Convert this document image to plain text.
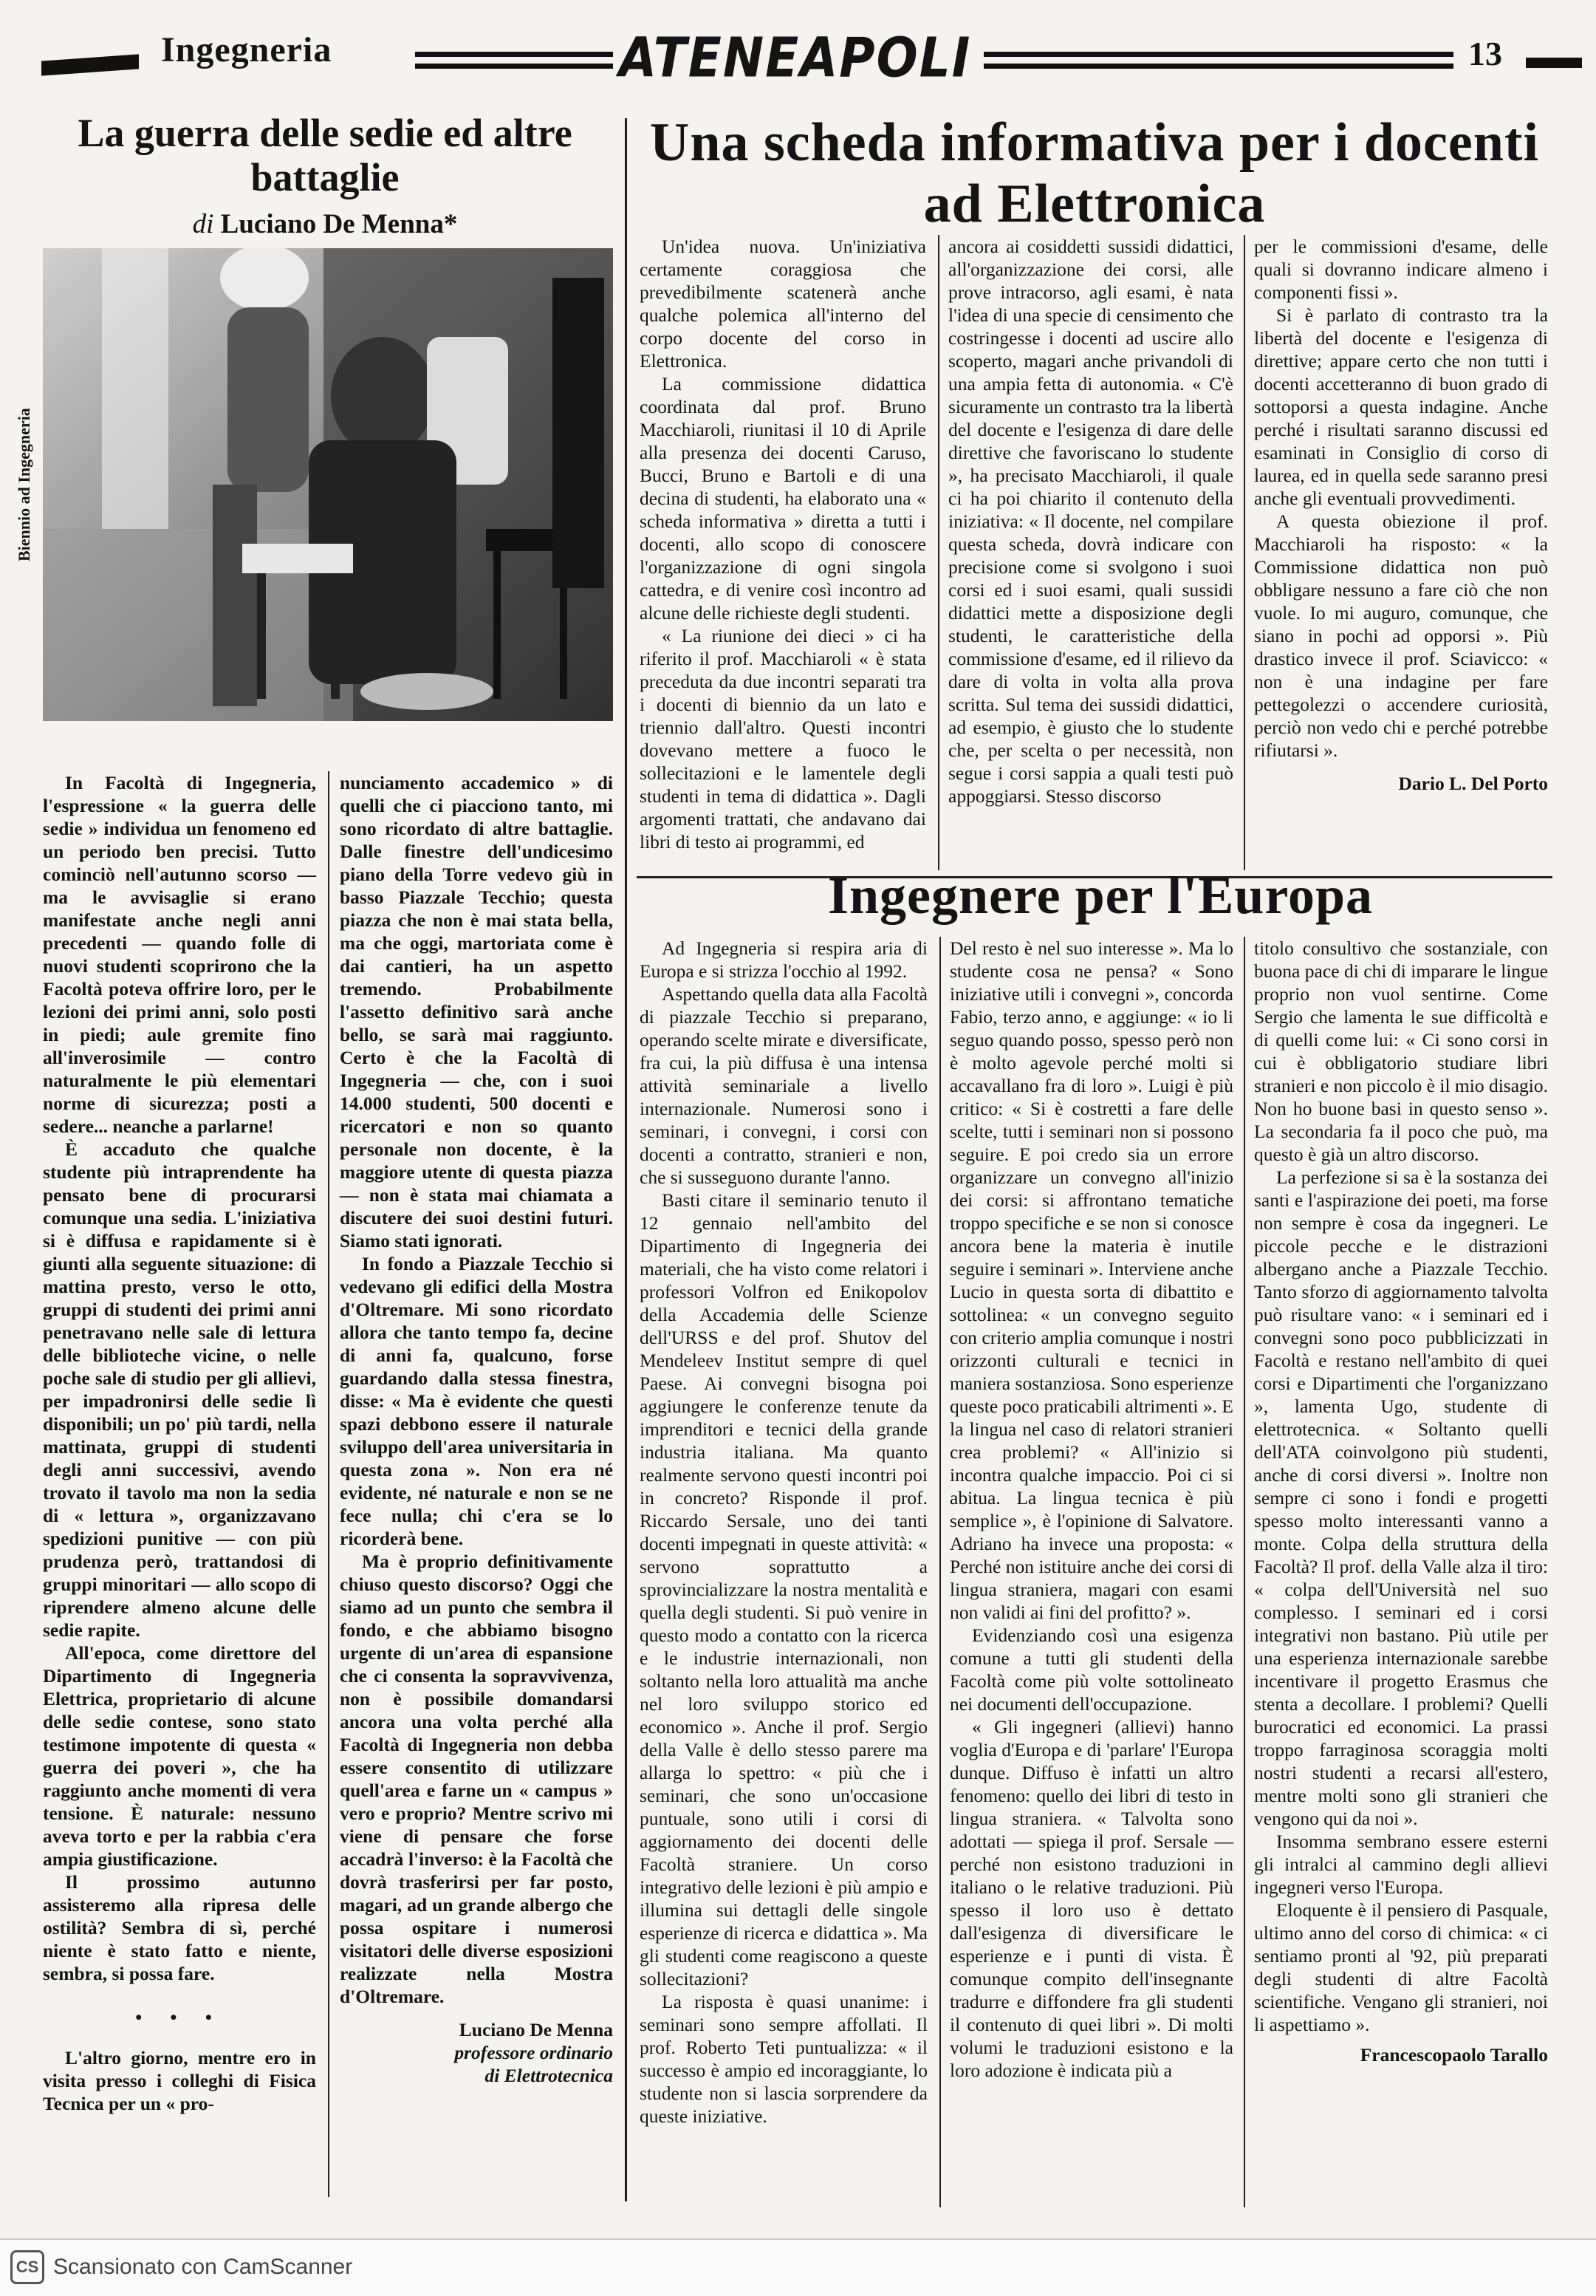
Ingegneria	ATENEAPOLI	13
La guerra delle sedie ed altre battaglie
di Luciano De Menna*
Biennio ad Ingegneria

In Facoltà di Ingegneria, l'espressione « la guerra delle sedie » individua un fenomeno ed un periodo ben precisi. Tutto cominciò nell'autunno scorso — ma le avvisaglie si erano manifestate anche negli anni precedenti — quando folle di nuovi studenti scoprirono che la Facoltà poteva offrire loro, per le lezioni dei primi anni, solo posti in piedi; aule gremite fino all'inverosimile — contro naturalmente le più elementari norme di sicurezza; posti a sedere... neanche a parlarne!

È accaduto che qualche studente più intraprendente ha pensato bene di procurarsi comunque una sedia. L'iniziativa si è diffusa e rapidamente si è giunti alla seguente situazione: di mattina presto, verso le otto, gruppi di studenti dei primi anni penetravano nelle sale di lettura delle biblioteche vicine, o nelle poche sale di studio per gli allievi, per impadronirsi delle sedie lì disponibili; un po' più tardi, nella mattinata, gruppi di studenti degli anni successivi, avendo trovato il tavolo ma non la sedia di « lettura », organizzavano spedizioni punitive — con più prudenza però, trattandosi di gruppi minoritari — allo scopo di riprendere almeno alcune delle sedie rapite.

All'epoca, come direttore del Dipartimento di Ingegneria Elettrica, proprietario di alcune delle sedie contese, sono stato testimone impotente di questa « guerra dei poveri », che ha raggiunto anche momenti di vera tensione. È naturale: nessuno aveva torto e per la rabbia c'era ampia giustificazione.

Il prossimo autunno assisteremo alla ripresa delle ostilità? Sembra di sì, perché niente è stato fatto e niente, sembra, si possa fare.

• • •

L'altro giorno, mentre ero in visita presso i colleghi di Fisica Tecnica per un « pro-

nunciamento accademico » di quelli che ci piacciono tanto, mi sono ricordato di altre battaglie. Dalle finestre dell'undicesimo piano della Torre vedevo giù in basso Piazzale Tecchio; questa piazza che non è mai stata bella, ma che oggi, martoriata come è dai cantieri, ha un aspetto tremendo. Probabilmente l'assetto definitivo sarà anche bello, se sarà mai raggiunto. Certo è che la Facoltà di Ingegneria — che, con i suoi 14.000 studenti, 500 docenti e ricercatori e non so quanto personale non docente, è la maggiore utente di questa piazza — non è stata mai chiamata a discutere dei suoi destini futuri. Siamo stati ignorati.

In fondo a Piazzale Tecchio si vedevano gli edifici della Mostra d'Oltremare. Mi sono ricordato allora che tanto tempo fa, decine di anni fa, qualcuno, forse guardando dalla stessa finestra, disse: « Ma è evidente che questi spazi debbono essere il naturale sviluppo dell'area universitaria in questa zona ». Non era né evidente, né naturale e non se ne fece nulla; chi c'era se lo ricorderà bene.

Ma è proprio definitivamente chiuso questo discorso? Oggi che siamo ad un punto che sembra il fondo, e che abbiamo bisogno urgente di un'area di espansione che ci consenta la sopravvivenza, non è possibile domandarsi ancora una volta perché alla Facoltà di Ingegneria non debba essere consentito di utilizzare quell'area e farne un « campus » vero e proprio? Mentre scrivo mi viene di pensare che forse accadrà l'inverso: è la Facoltà che dovrà trasferirsi per far posto, magari, ad un grande albergo che possa ospitare i numerosi visitatori delle diverse esposizioni realizzate nella Mostra d'Oltremare.

Luciano De Menna
professore ordinario
di Elettrotecnica
Una scheda informativa per i docenti ad Elettronica

Un'idea nuova. Un'iniziativa certamente coraggiosa che prevedibilmente scatenerà anche qualche polemica all'interno del corpo docente del corso in Elettronica.

La commissione didattica coordinata dal prof. Bruno Macchiaroli, riunitasi il 10 di Aprile alla presenza dei docenti Caruso, Bucci, Bruno e Bartoli e di una decina di studenti, ha elaborato una « scheda informativa » diretta a tutti i docenti, allo scopo di conoscere l'organizzazione di ogni singola cattedra, e di venire così incontro ad alcune delle richieste degli studenti.

« La riunione dei dieci » ci ha riferito il prof. Macchiaroli « è stata preceduta da due incontri separati tra i docenti di biennio da un lato e triennio dall'altro. Questi incontri dovevano mettere a fuoco le sollecitazioni e le lamentele degli studenti in tema di didattica ». Dagli argomenti trattati, che andavano dai libri di testo ai programmi, ed

ancora ai cosiddetti sussidi didattici, all'organizzazione dei corsi, alle prove intracorso, agli esami, è nata l'idea di una specie di censimento che costringesse i docenti ad uscire allo scoperto, magari anche privandoli di una ampia fetta di autonomia. « C'è sicuramente un contrasto tra la libertà del docente e l'esigenza di dare delle direttive che favoriscano lo studente », ha precisato Macchiaroli, il quale ci ha poi chiarito il contenuto della iniziativa: « Il docente, nel compilare questa scheda, dovrà indicare con precisione come si svolgono i suoi corsi ed i suoi esami, quali sussidi didattici mette a disposizione degli studenti, le caratteristiche della commissione d'esame, ed il rilievo da dare di volta in volta alla prova scritta. Sul tema dei sussidi didattici, ad esempio, è giusto che lo studente che, per scelta o per necessità, non segue i corsi sappia a quali testi può appoggiarsi. Stesso discorso

per le commissioni d'esame, delle quali si dovranno indicare almeno i componenti fissi ».

Si è parlato di contrasto tra la libertà del docente e l'esigenza di direttive; appare certo che non tutti i docenti accetteranno di buon grado di sottoporsi a questa indagine. Anche perché i risultati saranno discussi ed esaminati in Consiglio di corso di laurea, ed in quella sede saranno presi anche gli eventuali provvedimenti.

A questa obiezione il prof. Macchiaroli ha risposto: « la Commissione didattica non può obbligare nessuno a fare ciò che non vuole. Io mi auguro, comunque, che siano in pochi ad opporsi ». Più drastico invece il prof. Sciavicco: « non è una indagine per fare pettegolezzi o accendere curiosità, perciò non vedo chi e perché potrebbe rifiutarsi ».

Dario L. Del Porto
Ingegnere per l'Europa

Ad Ingegneria si respira aria di Europa e si strizza l'occhio al 1992.

Aspettando quella data alla Facoltà di piazzale Tecchio si preparano, operando scelte mirate e diversificate, fra cui, la più diffusa è una intensa attività seminariale a livello internazionale. Numerosi sono i seminari, i convegni, i corsi con docenti a contratto, stranieri e non, che si susseguono durante l'anno.

Basti citare il seminario tenuto il 12 gennaio nell'ambito del Dipartimento di Ingegneria dei materiali, che ha visto come relatori i professori Volfron ed Enikopolov della Accademia delle Scienze dell'URSS e del prof. Shutov del Mendeleev Institut sempre di quel Paese. Ai convegni bisogna poi aggiungere le conferenze tenute da imprenditori e tecnici della grande industria italiana. Ma quanto realmente servono questi incontri poi in concreto? Risponde il prof. Riccardo Sersale, uno dei tanti docenti impegnati in queste attività: « servono soprattutto a sprovincializzare la nostra mentalità e quella degli studenti. Si può venire in questo modo a contatto con la ricerca e le industrie internazionali, non soltanto nella loro attualità ma anche nel loro sviluppo storico ed economico ». Anche il prof. Sergio della Valle è dello stesso parere ma allarga lo spettro: « più che i seminari, che sono un'occasione puntuale, sono utili i corsi di aggiornamento dei docenti delle Facoltà straniere. Un corso integrativo delle lezioni è più ampio e illumina sui dettagli delle singole esperienze di ricerca e didattica ». Ma gli studenti come reagiscono a queste sollecitazioni?

La risposta è quasi unanime: i seminari sono sempre affollati. Il prof. Roberto Teti puntualizza: « il successo è ampio ed incoraggiante, lo studente non si lascia sorprendere da queste iniziative.

Del resto è nel suo interesse ». Ma lo studente cosa ne pensa? « Sono iniziative utili i convegni », concorda Fabio, terzo anno, e aggiunge: « io li seguo quando posso, spesso però non è molto agevole perché molti si accavallano fra di loro ». Luigi è più critico: « Si è costretti a fare delle scelte, tutti i seminari non si possono seguire. E poi credo sia un errore organizzare un convegno all'inizio dei corsi: si affrontano tematiche troppo specifiche e se non si conosce ancora bene la materia è inutile seguire i seminari ». Interviene anche Lucio in questa sorta di dibattito e sottolinea: « un convegno seguito con criterio amplia comunque i nostri orizzonti culturali e tecnici in maniera sostanziosa. Sono esperienze queste poco praticabili altrimenti ». E la lingua nel caso di relatori stranieri crea problemi? « All'inizio si incontra qualche impaccio. Poi ci si abitua. La lingua tecnica è più semplice », è l'opinione di Salvatore. Adriano ha invece una proposta: « Perché non istituire anche dei corsi di lingua straniera, magari con esami non validi ai fini del profitto? ».

Evidenziando così una esigenza comune a tutti gli studenti della Facoltà come più volte sottolineato nei documenti dell'occupazione.

« Gli ingegneri (allievi) hanno voglia d'Europa e di 'parlare' l'Europa dunque. Diffuso è infatti un altro fenomeno: quello dei libri di testo in lingua straniera. « Talvolta sono adottati — spiega il prof. Sersale — perché non esistono traduzioni in italiano o le relative traduzioni. Più spesso il loro uso è dettato dall'esigenza di diversificare le esperienze e i punti di vista. È comunque compito dell'insegnante tradurre e diffondere fra gli studenti il contenuto di quei libri ». Di molti volumi le traduzioni esistono e la loro adozione è indicata più a

titolo consultivo che sostanziale, con buona pace di chi di imparare le lingue proprio non vuol sentirne. Come Sergio che lamenta le sue difficoltà e di quelli come lui: « Ci sono corsi in cui è obbligatorio studiare libri stranieri e non piccolo è il mio disagio. Non ho buone basi in questo senso ». La secondaria fa il poco che può, ma questo è già un altro discorso.

La perfezione si sa è la sostanza dei santi e l'aspirazione dei poeti, ma forse non sempre è cosa da ingegneri. Le piccole pecche e le distrazioni albergano anche a Piazzale Tecchio. Tanto sforzo di aggiornamento talvolta può risultare vano: « i seminari ed i convegni sono poco pubblicizzati in Facoltà e restano nell'ambito di quei corsi e Dipartimenti che l'organizzano », lamenta Ugo, studente di elettrotecnica. « Soltanto quelli dell'ATA coinvolgono più studenti, anche di corsi diversi ». Inoltre non sempre ci sono i fondi e progetti spesso molto interessanti vanno a monte. Colpa della struttura della Facoltà? Il prof. della Valle alza il tiro: « colpa dell'Università nel suo complesso. I seminari ed i corsi integrativi non bastano. Più utile per una esperienza internazionale sarebbe incentivare il progetto Erasmus che stenta a decollare. I problemi? Quelli burocratici ed economici. La prassi troppo farraginosa scoraggia molti nostri studenti a recarsi all'estero, mentre molti sono gli stranieri che vengono qui da noi ».

Insomma sembrano essere esterni gli intralci al cammino degli allievi ingegneri verso l'Europa.

Eloquente è il pensiero di Pasquale, ultimo anno del corso di chimica: « ci sentiamo pronti al '92, più preparati degli studenti di altre Facoltà scientifiche. Vengano gli stranieri, noi li aspettiamo ».

Francescopaolo Tarallo
CS Scansionato con CamScanner
